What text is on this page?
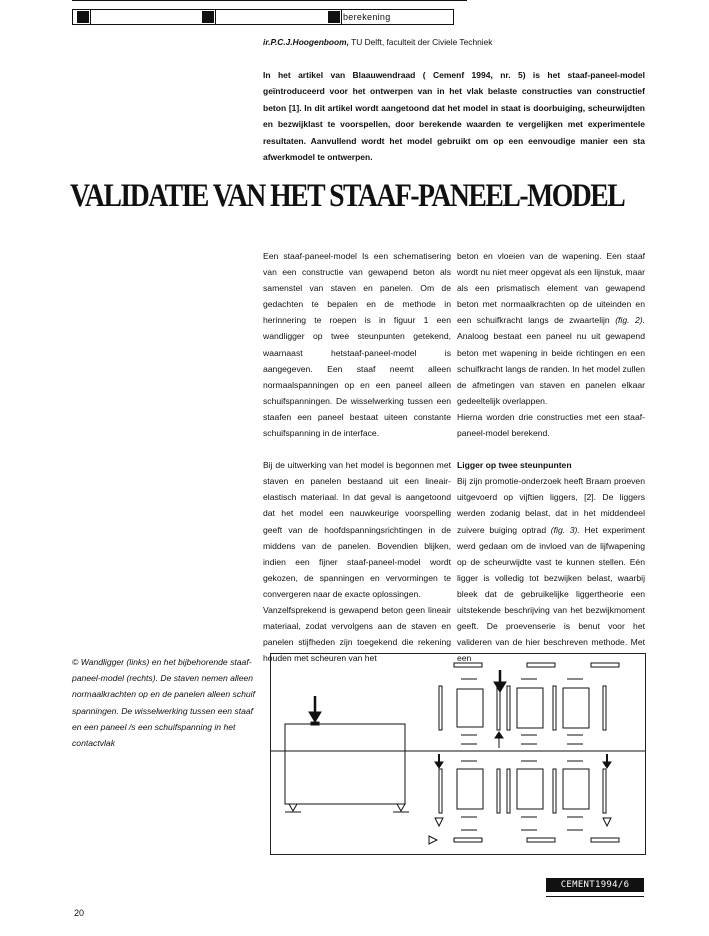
berekening
ir.P.C.J.Hoogenboom, TU Delft, faculteit der Civiele Techniek
In het artikel van Blaauwendraad ( Cemenf 1994, nr. 5) is het staaf-paneel-model geïntroduceerd voor het ontwerpen van in het vlak belaste constructies van constructief beton [1]. In dit artikel wordt aangetoond dat het model in staat is doorbuiging, scheurwijdten en bezwijklast te voorspellen, door berekende waarden te vergelijken met experimentele resultaten. Aanvullend wordt het model gebruikt om op een eenvoudige manier een sta afwerkmodel te ontwerpen.
VALIDATIE VAN HET STAAF-PANEEL-MODEL

Een staaf-paneel-model Is een schematisering van een constructie van gewapend beton als samenstel van staven en panelen. Om de gedachten te bepalen en de methode in herinnering te roepen is in figuur 1 een wandligger op twee steunpunten getekend, waarnaast hetstaaf-paneel-model is aangegeven. Een staaf neemt alleen normaalspanningen op en een paneel alleen schuifspanningen. De wisselwerking tussen een staafen een paneel bestaat uiteen constante schuifspanning in de interface.

Bij de uitwerking van het model is begonnen met staven en panelen bestaand uit een lineair-elastisch materiaal. In dat geval is aangetoond dat het model een nauwkeurige voorspelling geeft van de hoofdspanningsrichtingen in de middens van de panelen. Bovendien blijken, indien een fijner staaf-paneel-model wordt gekozen, de spanningen en vervormingen te convergeren naar de exacte oplossingen.

Vanzelfsprekend is gewapend beton geen lineair materiaal, zodat vervolgens aan de staven en panelen stijfheden zijn toegekend die rekening houden met scheuren van het

beton en vloeien van de wapening. Een staaf wordt nu niet meer opgevat als een lijnstuk, maar als een prismatisch element van gewapend beton met normaalkrachten op de uiteinden en een schuifkracht langs de zwaartelijn (fig. 2). Analoog bestaat een paneel nu uit gewapend beton met wapening in beide richtingen en een schuifkracht langs de randen. In het model zullen de afmetingen van staven en panelen elkaar gedeeltelijk overlappen.

Hierna worden drie constructies met een staaf-paneel-model berekend.

Ligger op twee steunpunten

Bij zijn promotie-onderzoek heeft Braam proeven uitgevoerd op vijftien liggers, [2]. De liggers werden zodanig belast, dat in het middendeel zuivere buiging optrad (fig. 3). Het experiment werd gedaan om de invloed van de lijfwapening op de scheurwijdte vast te kunnen stellen. Eén ligger is volledig tot bezwijken belast, waarbij bleek dat de gebruikelijke liggertheorie een uitstekende beschrijving van het bezwijkmoment geeft. De proevenserie is benut voor het valideren van de hier beschreven methode. Met een

© Wandligger (links) en het bijbehorende staaf-paneel-model (rechts). De staven nemen alleen normaalkrachten op en de panelen alleen schuif spanningen. De wisselwerking tussen een staaf en een paneel /s een schuifspanning in het contactvlak
CEMENT1994/6
20
